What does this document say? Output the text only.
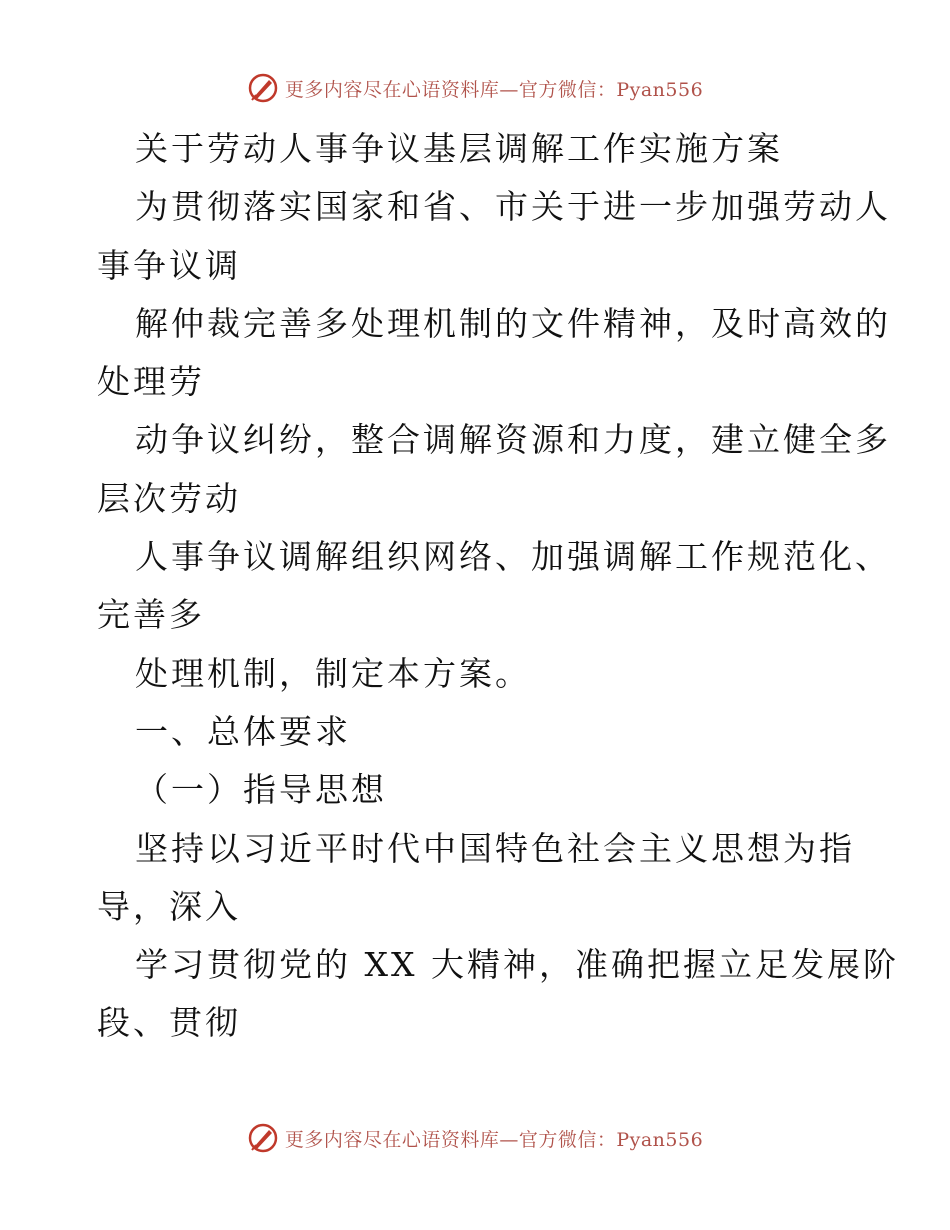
更多内容尽在心语资料库—官方微信：Pyan556
关于劳动人事争议基层调解工作实施方案
为贯彻落实国家和省、市关于进一步加强劳动人
事争议调
解仲裁完善多处理机制的文件精神，及时高效的
处理劳
动争议纠纷，整合调解资源和力度，建立健全多
层次劳动
人事争议调解组织网络、加强调解工作规范化、
完善多
处理机制，制定本方案。
一、总体要求
（一）指导思想
坚持以习近平时代中国特色社会主义思想为指
导，深入
学习贯彻党的 XX 大精神，准确把握立足发展阶
段、贯彻
更多内容尽在心语资料库—官方微信：Pyan556
